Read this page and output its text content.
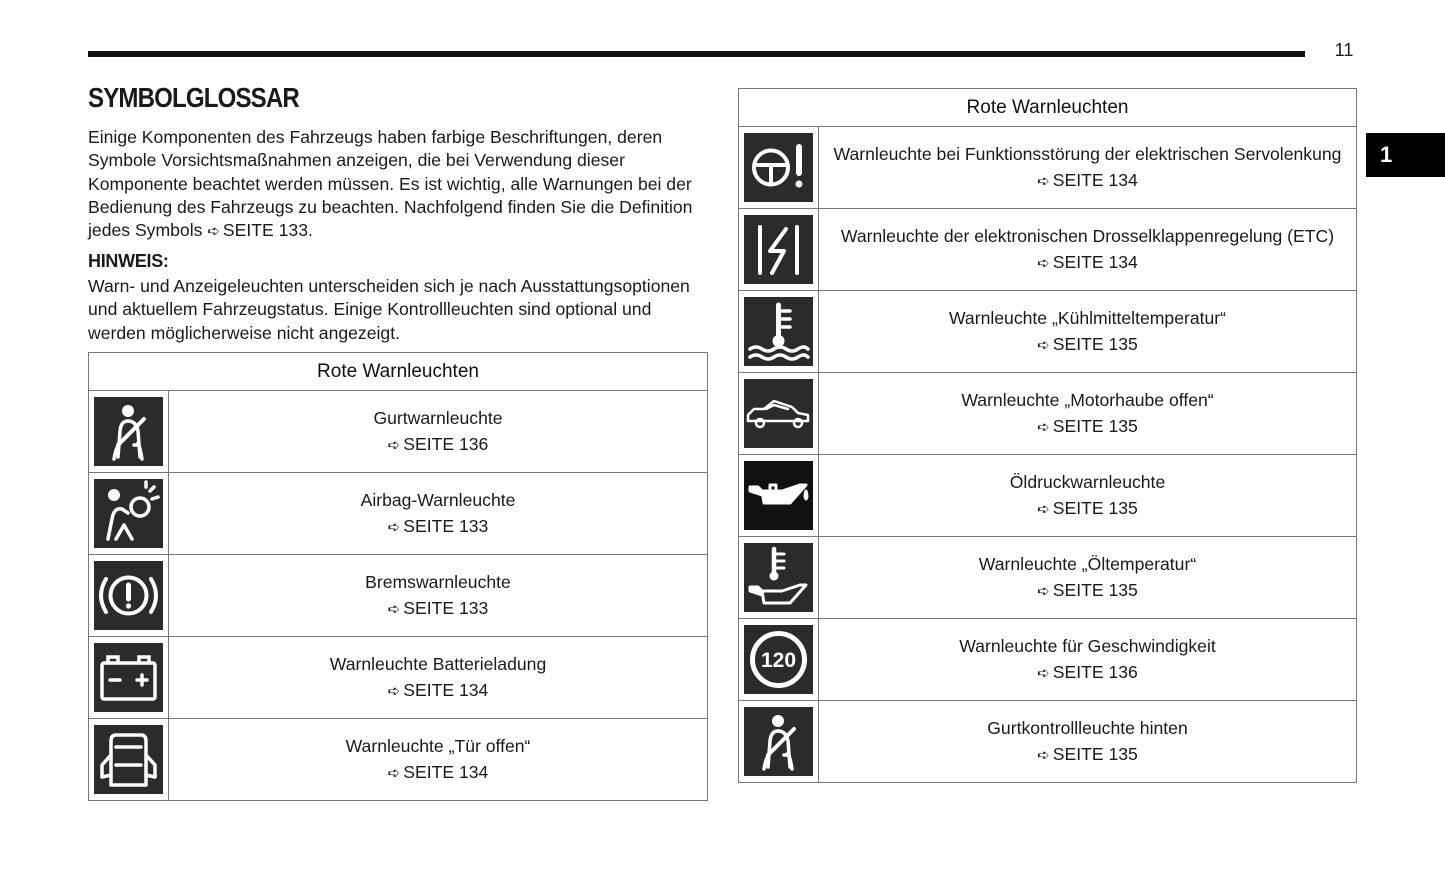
11
1
SYMBOLGLOSSAR
Einige Komponenten des Fahrzeugs haben farbige Beschriftungen, deren Symbole Vorsichtsmaßnahmen anzeigen, die bei Verwendung dieser Komponente beachtet werden müssen. Es ist wichtig, alle Warnungen bei der Bedienung des Fahrzeugs zu beachten. Nachfolgend finden Sie die Definition jedes Symbols ➪ SEITE 133.
HINWEIS:
Warn- und Anzeigeleuchten unterscheiden sich je nach Ausstattungsoptionen und aktuellem Fahrzeugstatus. Einige Kontrollleuchten sind optional und werden möglicherweise nicht angezeigt.
Rote Warnleuchten	

Gurtwarnleuchte
➪ SEITE 136

Airbag-Warnleuchte
➪ SEITE 133

Bremswarnleuchte
➪ SEITE 133

Warnleuchte Batterieladung
➪ SEITE 134

Warnleuchte „Tür offen“
➪ SEITE 134
Rote Warnleuchten	

Warnleuchte bei Funktionsstörung der elektrischen Servolenkung
➪ SEITE 134

Warnleuchte der elektronischen Drosselklappenregelung (ETC)
➪ SEITE 134

Warnleuchte „Kühlmitteltemperatur“
➪ SEITE 135

Warnleuchte „Motorhaube offen“
➪ SEITE 135

Öldruckwarnleuchte
➪ SEITE 135

Warnleuchte „Öltemperatur“
➪ SEITE 135

120	Warnleuchte für Geschwindigkeit
➪ SEITE 136

Gurtkontrollleuchte hinten
➪ SEITE 135
